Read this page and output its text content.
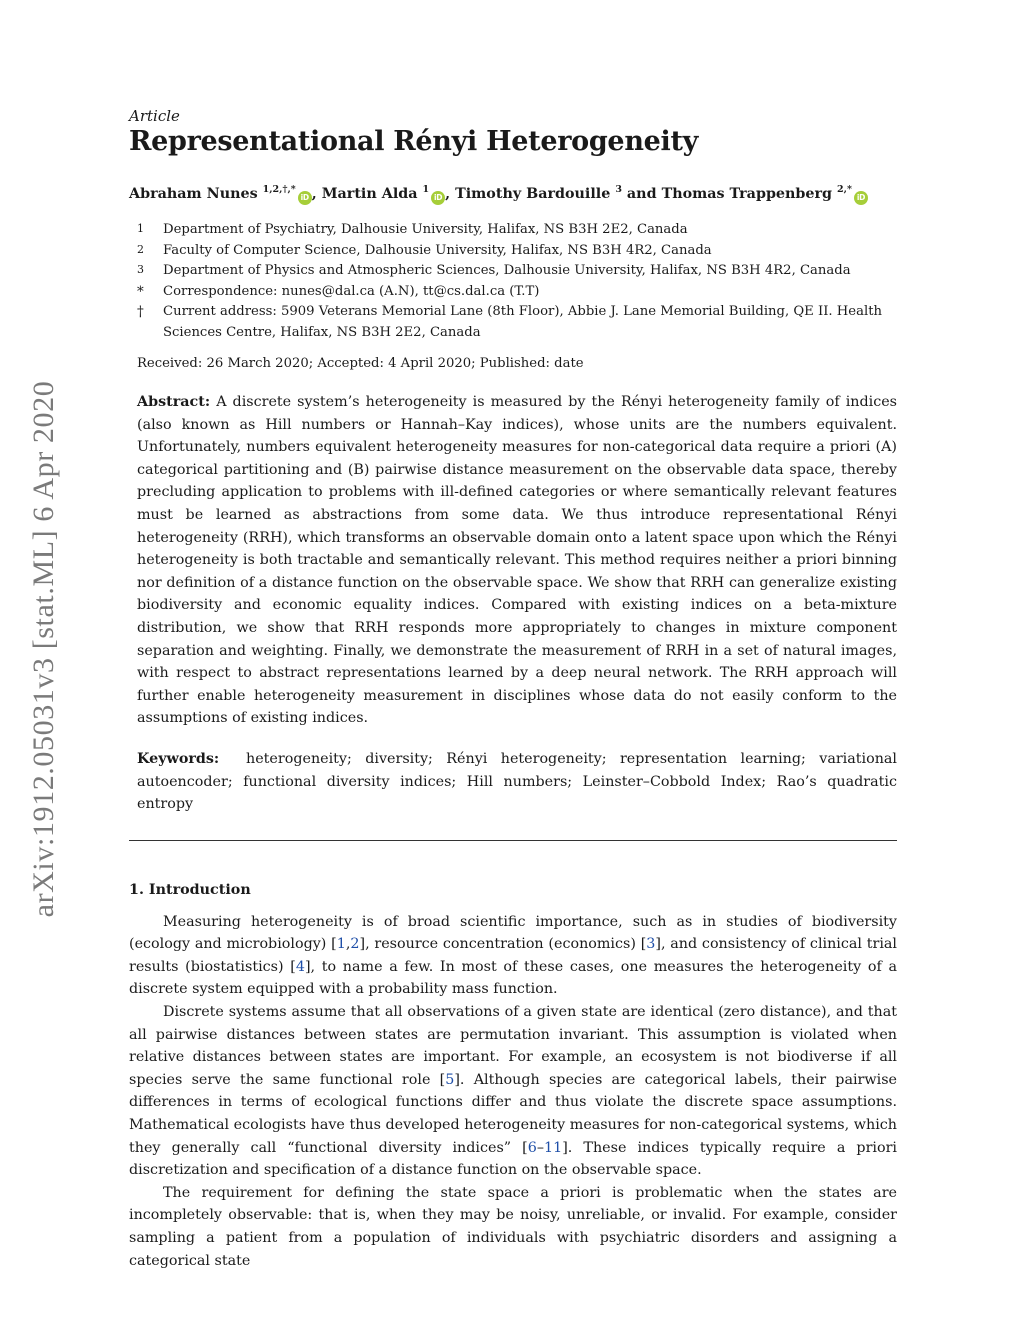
arXiv:1912.05031v3 [stat.ML] 6 Apr 2020
Article
Representational Rényi Heterogeneity
Abraham Nunes $^{1,2,\dagger,*}$iD , Martin Alda $^1$iD , Timothy Bardouille $^3$ and Thomas Trappenberg $^{2,*}$iD
1 Department of Psychiatry, Dalhousie University, Halifax, NS B3H 2E2, Canada
2 Faculty of Computer Science, Dalhousie University, Halifax, NS B3H 4R2, Canada
3 Department of Physics and Atmospheric Sciences, Dalhousie University, Halifax, NS B3H 4R2, Canada
* Correspondence: nunes@dal.ca (A.N), tt@cs.dal.ca (T.T)
† Current address: 5909 Veterans Memorial Lane (8th Floor), Abbie J. Lane Memorial Building, QE II. Health Sciences Centre, Halifax, NS B3H 2E2, Canada
Received: 26 March 2020; Accepted: 4 April 2020; Published: date
Abstract: A discrete system’s heterogeneity is measured by the Rényi heterogeneity family of indices (also known as Hill numbers or Hannah–Kay indices), whose units are the numbers equivalent. Unfortunately, numbers equivalent heterogeneity measures for non-categorical data require a priori (A) categorical partitioning and (B) pairwise distance measurement on the observable data space, thereby precluding application to problems with ill-defined categories or where semantically relevant features must be learned as abstractions from some data. We thus introduce representational Rényi heterogeneity (RRH), which transforms an observable domain onto a latent space upon which the Rényi heterogeneity is both tractable and semantically relevant. This method requires neither a priori binning nor definition of a distance function on the observable space. We show that RRH can generalize existing biodiversity and economic equality indices. Compared with existing indices on a beta-mixture distribution, we show that RRH responds more appropriately to changes in mixture component separation and weighting. Finally, we demonstrate the measurement of RRH in a set of natural images, with respect to abstract representations learned by a deep neural network. The RRH approach will further enable heterogeneity measurement in disciplines whose data do not easily conform to the assumptions of existing indices.
Keywords: heterogeneity; diversity; Rényi heterogeneity; representation learning; variational autoencoder; functional diversity indices; Hill numbers; Leinster–Cobbold Index; Rao’s quadratic entropy
1. Introduction

Measuring heterogeneity is of broad scientific importance, such as in studies of biodiversity (ecology and microbiology) [1,2], resource concentration (economics) [3], and consistency of clinical trial results (biostatistics) [4], to name a few. In most of these cases, one measures the heterogeneity of a discrete system equipped with a probability mass function.

Discrete systems assume that all observations of a given state are identical (zero distance), and that all pairwise distances between states are permutation invariant. This assumption is violated when relative distances between states are important. For example, an ecosystem is not biodiverse if all species serve the same functional role [5]. Although species are categorical labels, their pairwise differences in terms of ecological functions differ and thus violate the discrete space assumptions. Mathematical ecologists have thus developed heterogeneity measures for non-categorical systems, which they generally call “functional diversity indices” [6–11]. These indices typically require a priori discretization and specification of a distance function on the observable space.

The requirement for defining the state space a priori is problematic when the states are incompletely observable: that is, when they may be noisy, unreliable, or invalid. For example, consider sampling a patient from a population of individuals with psychiatric disorders and assigning a categorical state
